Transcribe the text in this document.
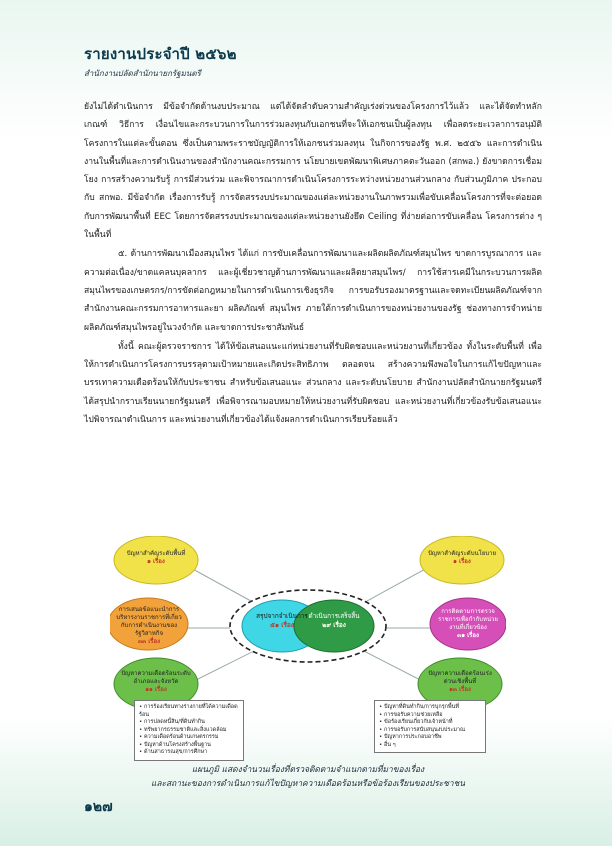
รายงานประจำปี ๒๕๖๒
สำนักงานปลัดสำนักนายกรัฐมนตรี

ยังไม่ได้ดำเนินการ มีข้อจำกัดด้านงบประมาณ แต่ได้จัดลำดับความสำคัญเร่งด่วนของโครงการไว้แล้ว และได้จัดทำหลักเกณฑ์ วิธีการ เงื่อนไขและกระบวนการในการร่วมลงทุนกับเอกชนที่จะให้เอกชนเป็นผู้ลงทุน เพื่อลดระยะเวลาการอนุมัติโครงการในแต่ละขั้นตอน ซึ่งเป็นตามพระราชบัญญัติการให้เอกชนร่วมลงทุน ในกิจการของรัฐ พ.ศ. ๒๕๕๖ และการดำเนินงานในพื้นที่และการดำเนินงานของสำนักงานคณะกรรมการ นโยบายเขตพัฒนาพิเศษภาคตะวันออก (สกพอ.) ยังขาดการเชื่อมโยง การสร้างความรับรู้ การมีส่วนร่วม และพิจารณาการดำเนินโครงการระหว่างหน่วยงานส่วนกลาง กับส่วนภูมิภาค ประกอบกับ สกพอ. มีข้อจำกัด เรื่องการรับรู้ การจัดสรรงบประมาณของแต่ละหน่วยงานในภาพรวมเพื่อขับเคลื่อนโครงการที่จะต่อยอด กับการพัฒนาพื้นที่ EEC โดยการจัดสรรงบประมาณของแต่ละหน่วยงานยังยึด Ceiling ที่ง่ายต่อการขับเคลื่อน โครงการต่าง ๆ ในพื้นที่

๕. ด้านการพัฒนาเมืองสมุนไพร ได้แก่ การขับเคลื่อนการพัฒนาและผลิตผลิตภัณฑ์สมุนไพร ขาดการบูรณาการ และความต่อเนื่อง/ขาดแคลนบุคลากร และผู้เชี่ยวชาญด้านการพัฒนาและผลิตยาสมุนไพร/ การใช้สารเคมีในกระบวนการผลิตสมุนไพรของเกษตรกร/การขัดต่อกฎหมายในการดำเนินการเชิงธุรกิจ การขอรับรองมาตรฐานและจดทะเบียนผลิตภัณฑ์จากสำนักงานคณะกรรมการอาหารและยา ผลิตภัณฑ์ สมุนไพร ภายใต้การดำเนินการของหน่วยงานของรัฐ ช่องทางการจำหน่ายผลิตภัณฑ์สมุนไพรอยู่ในวงจำกัด และขาดการประชาสัมพันธ์

ทั้งนี้ คณะผู้ตรวจราชการ ได้ให้ข้อเสนอแนะแก่หน่วยงานที่รับผิดชอบและหน่วยงานที่เกี่ยวข้อง ทั้งในระดับพื้นที่ เพื่อให้การดำเนินการโครงการบรรลุตามเป้าหมายและเกิดประสิทธิภาพ ตลอดจน สร้างความพึงพอใจในการแก้ไขปัญหาและบรรเทาความเดือดร้อนให้กับประชาชน สำหรับข้อเสนอแนะ ส่วนกลาง และระดับนโยบาย สำนักงานปลัดสำนักนายกรัฐมนตรี ได้สรุปนำกราบเรียนนายกรัฐมนตรี เพื่อพิจารณามอบหมายให้หน่วยงานที่รับผิดชอบ และหน่วยงานที่เกี่ยวข้องรับข้อเสนอแนะไปพิจารณาดำเนินการ และหน่วยงานที่เกี่ยวข้องได้แจ้งผลการดำเนินการเรียบร้อยแล้ว

ปัญหาสำคัญระดับพื้นที่
๑ เรื่อง
ปัญหาสำคัญระดับนโยบาย
๑ เรื่อง
การเสนอข้อแนะนำการบริหารงานราชการที่เกี่ยวกับการดำเนินงานของรัฐวิสาหกิจ
๓๓ เรื่อง
การติดตามการตรวจราชการเพื่อกำกับหน่วยงานที่เกี่ยวข้อง
๓๑ เรื่อง
ปัญหาความเดือดร้อนระดับอำเภอและจังหวัด
๑๑ เรื่อง
ปัญหาความเดือดร้อนเร่งด่วนเชิงพื้นที่
๑๓ เรื่อง
สรุปจากจำเนินการ
๕๑ เรื่อง
ดำเนินการเสร็จสิ้น
๒๙ เรื่อง
• การร้องเรียนทางร่างกายที่ได้ความเดือดร้อน
• การปลดหนี้สิน/ที่ดินทำกิน
• ทรัพยากรธรรมชาติและสิ่งแวดล้อม
• ความเดือดร้อนด้านเกษตรกรรม
• ปัญหาด้านโครงสร้างพื้นฐาน
• ด้านสาธารณสุข/การศึกษา
• ปัญหาที่ดินทำกิน/การบุกรุกพื้นที่
• การขอรับความช่วยเหลือ
• ข้อร้องเรียนเกี่ยวกับเจ้าหน้าที่
• การขอรับการสนับสนุนงบประมาณ
• ปัญหาการประกอบอาชีพ
• อื่น ๆ
แผนภูมิ แสดงจำนวนเรื่องที่ตรวจติดตามจำแนกตามที่มาของเรื่อง
และสถานะของการดำเนินการแก้ไขปัญหาความเดือดร้อนหรือข้อร้องเรียนของประชาชน
๑๒๗
